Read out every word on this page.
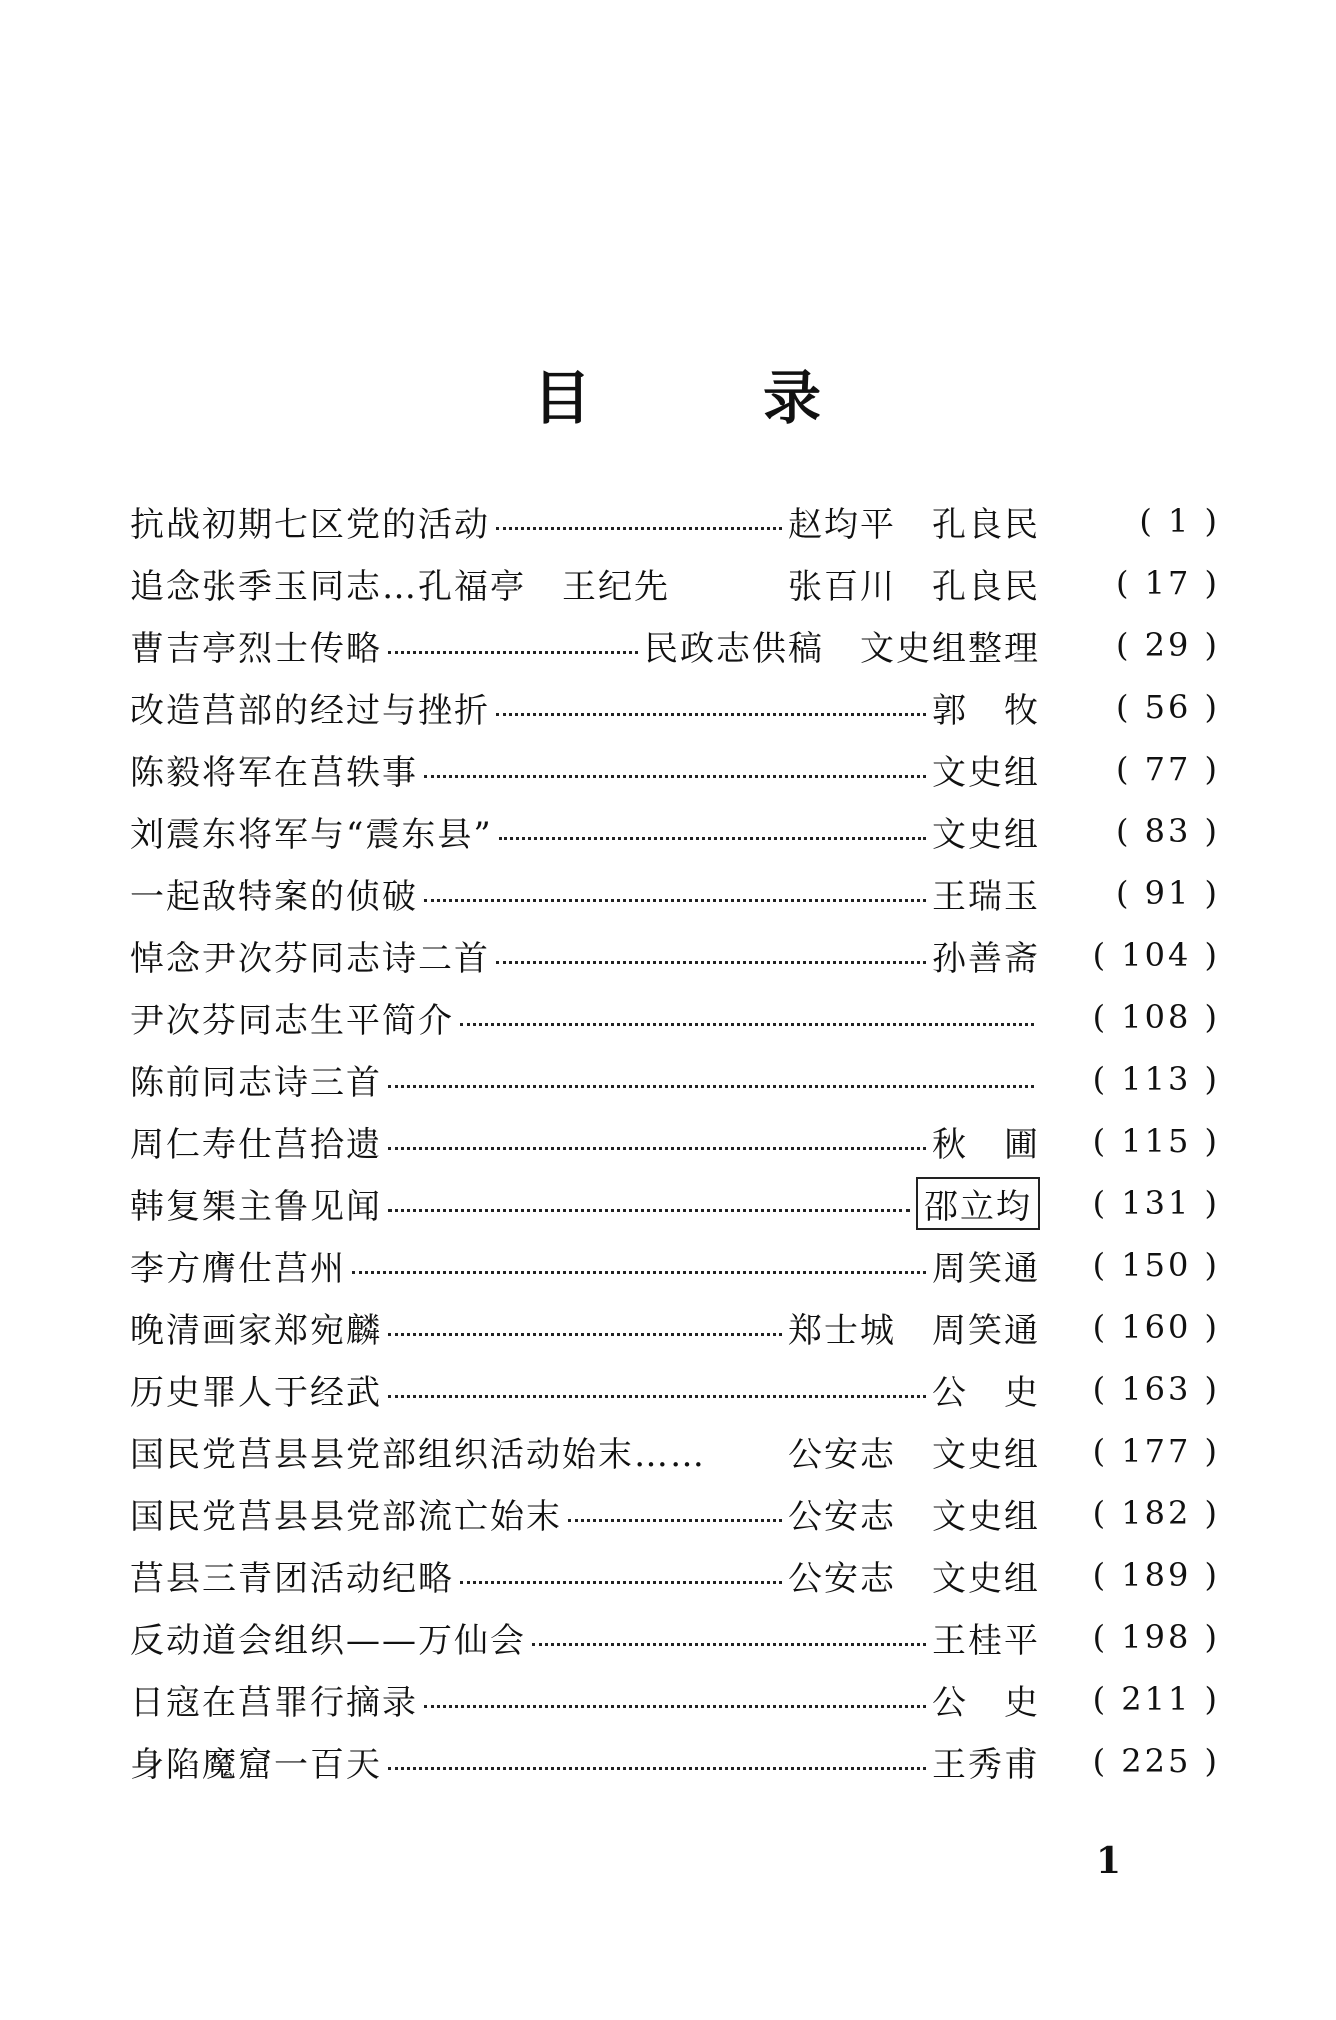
目	录
抗战初期七区党的活动	赵均平　孔良民	( 1 )
追念张季玉同志…孔福亭　王纪先	张百川　孔良民	( 17 )
曹吉亭烈士传略	民政志供稿　文史组整理	( 29 )
改造莒部的经过与挫折	郭　牧	( 56 )
陈毅将军在莒轶事	文史组	( 77 )
刘震东将军与“震东县”	文史组	( 83 )
一起敌特案的侦破	王瑞玉	( 91 )
悼念尹次芬同志诗二首	孙善斋	( 104 )
尹次芬同志生平简介	( 108 )
陈前同志诗三首	( 113 )
周仁寿仕莒拾遗	秋　圃	( 115 )
韩复榘主鲁见闻	邵立均	( 131 )
李方膺仕莒州	周笑通	( 150 )
晚清画家郑宛麟	郑士城　周笑通	( 160 )
历史罪人于经武	公　史	( 163 )
国民党莒县县党部组织活动始末…… 公安志　文史组	( 177 )
国民党莒县县党部流亡始末	公安志　文史组	( 182 )
莒县三青团活动纪略	公安志　文史组	( 189 )
反动道会组织——万仙会	王桂平	( 198 )
日寇在莒罪行摘录	公　史	( 211 )
身陷魔窟一百天	王秀甫	( 225 )
1
